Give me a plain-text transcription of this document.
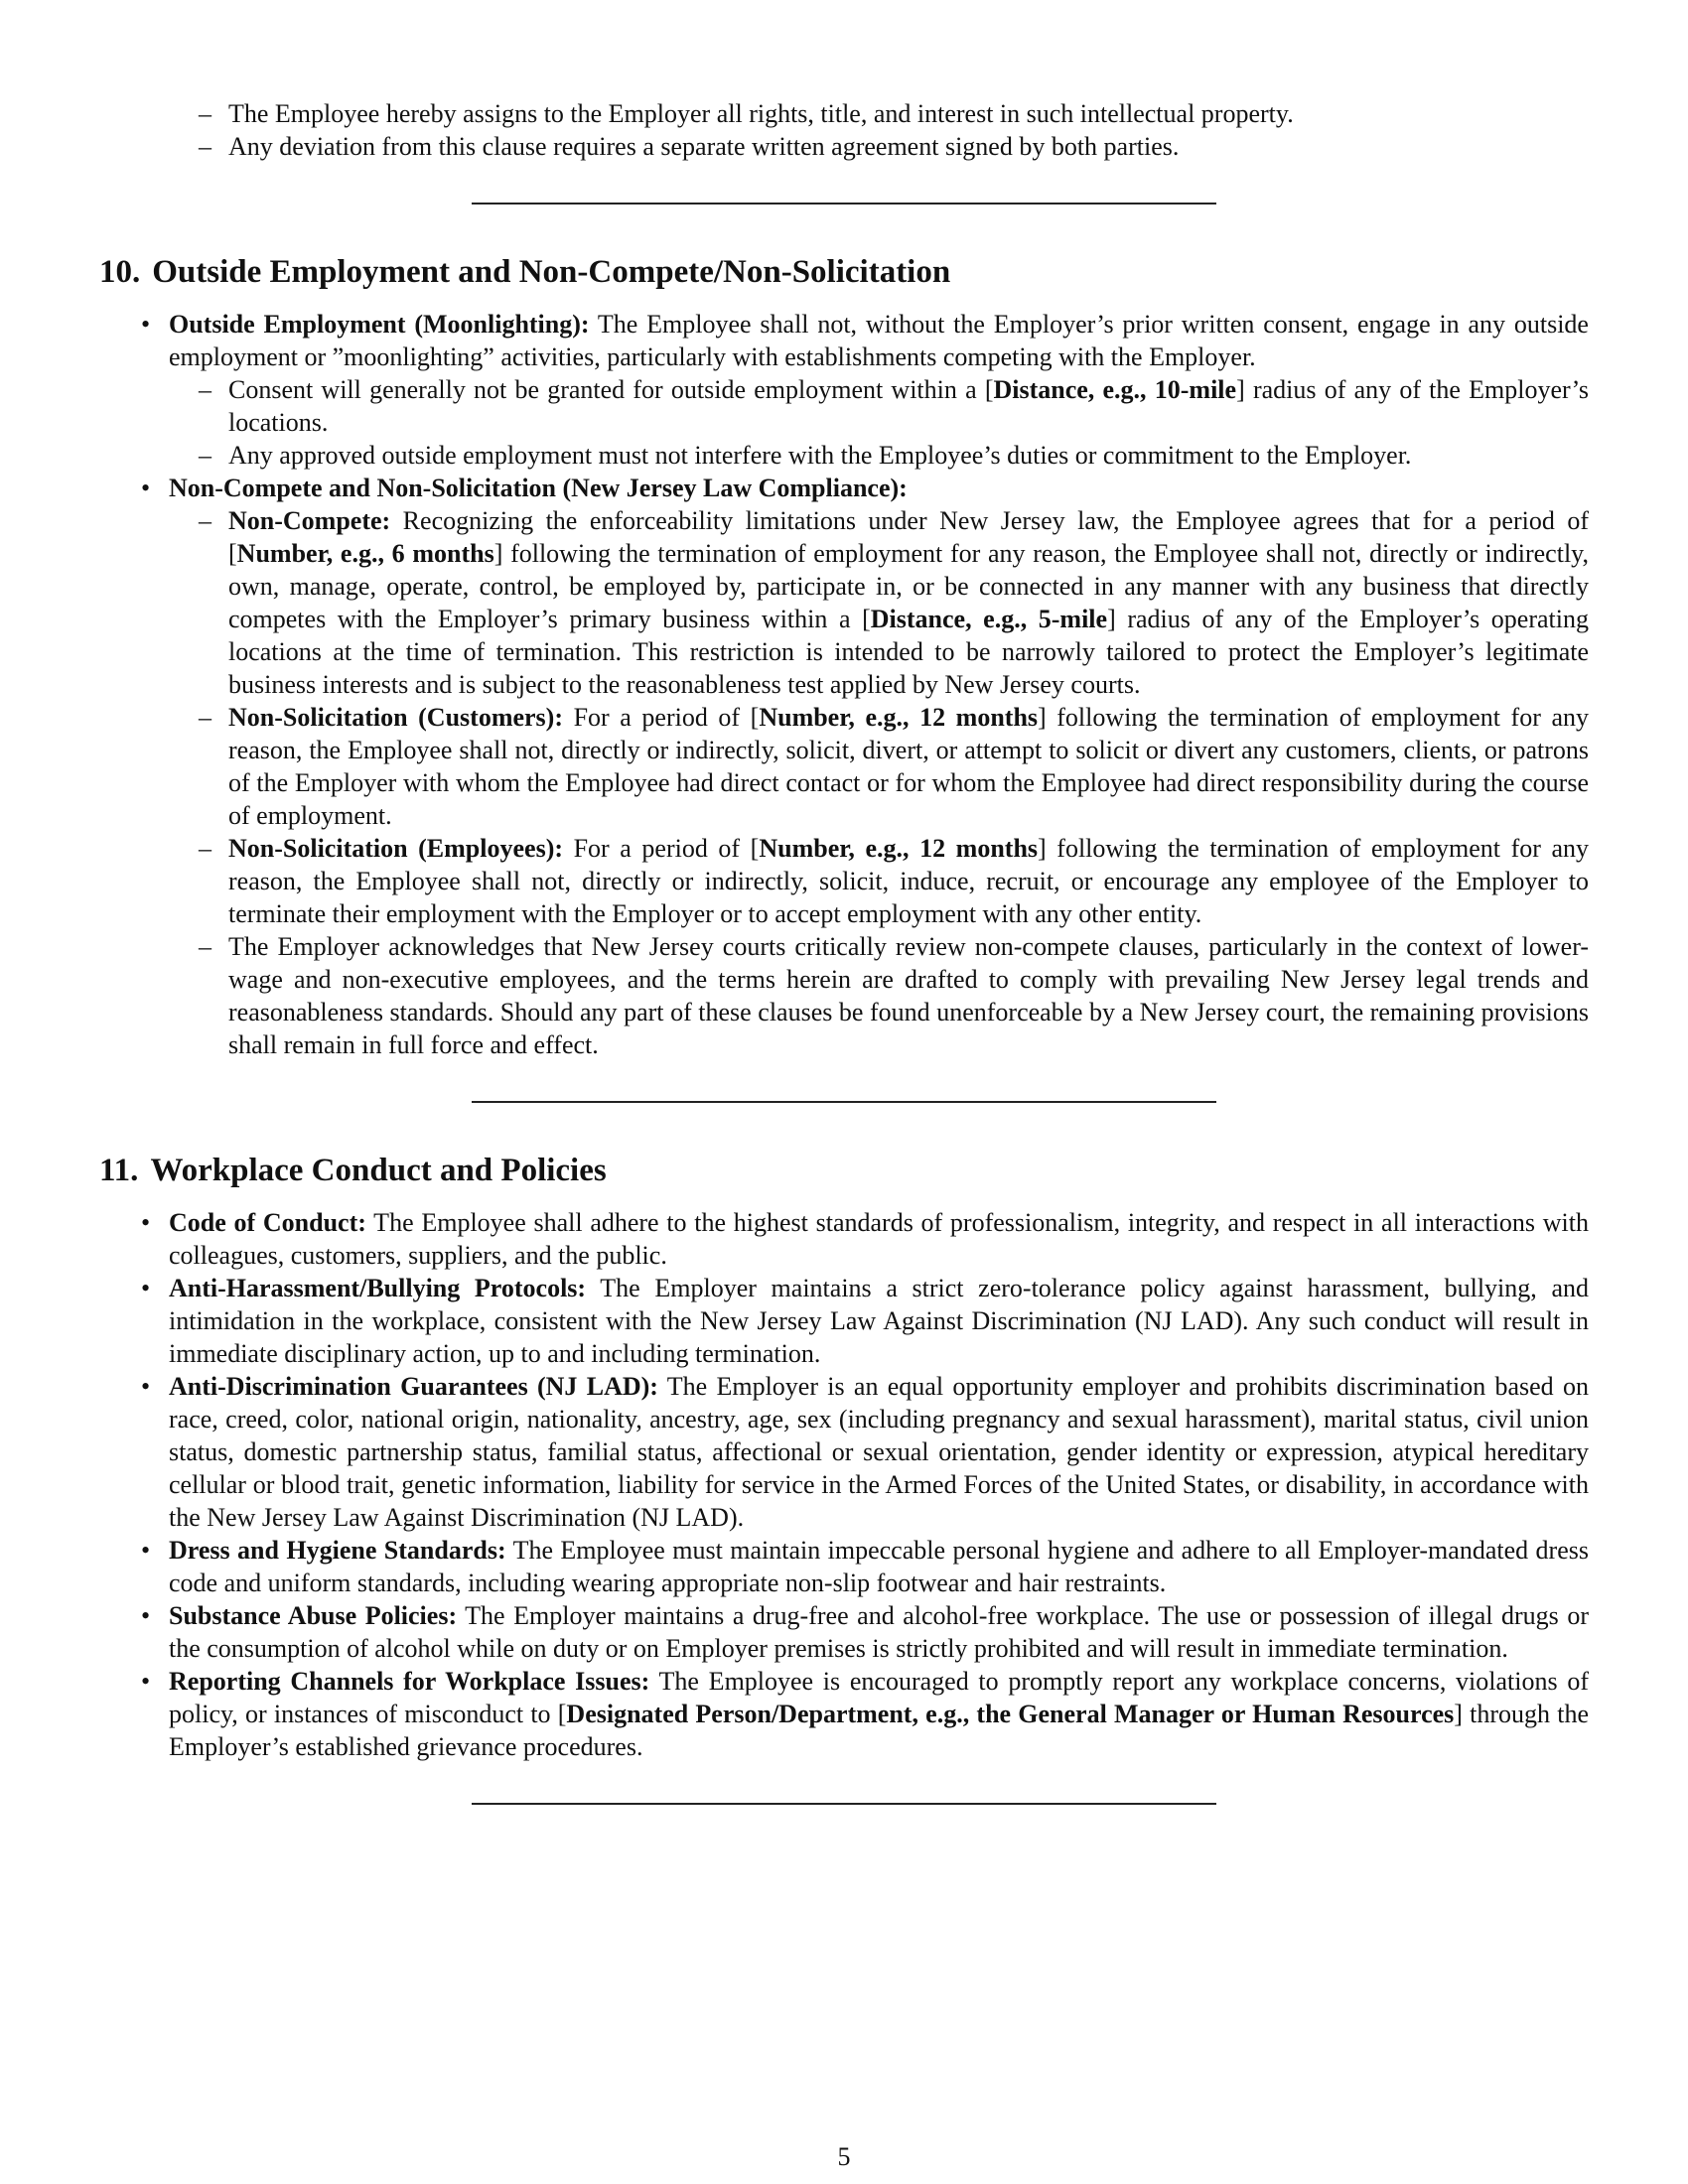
– The Employee hereby assigns to the Employer all rights, title, and interest in such intellectual property.
– Any deviation from this clause requires a separate written agreement signed by both parties.
10. Outside Employment and Non-Compete/Non-Solicitation
• Outside Employment (Moonlighting): The Employee shall not, without the Employer’s prior written consent, engage in any outside employment or ”moonlighting” activities, particularly with establishments competing with the Employer.
– Consent will generally not be granted for outside employment within a [Distance, e.g., 10-mile] radius of any of the Employer’s locations.
– Any approved outside employment must not interfere with the Employee’s duties or commitment to the Employer.
• Non-Compete and Non-Solicitation (New Jersey Law Compliance):
– Non-Compete: Recognizing the enforceability limitations under New Jersey law, the Employee agrees that for a period of [Number, e.g., 6 months] following the termination of employment for any reason, the Employee shall not, directly or indirectly, own, manage, operate, control, be employed by, participate in, or be connected in any manner with any business that directly competes with the Employer’s primary business within a [Distance, e.g., 5-mile] radius of any of the Employer’s operating locations at the time of termination. This restriction is intended to be narrowly tailored to protect the Employer’s legitimate business interests and is subject to the reasonableness test applied by New Jersey courts.
– Non-Solicitation (Customers): For a period of [Number, e.g., 12 months] following the termination of employment for any reason, the Employee shall not, directly or indirectly, solicit, divert, or attempt to solicit or divert any customers, clients, or patrons of the Employer with whom the Employee had direct contact or for whom the Employee had direct responsibility during the course of employment.
– Non-Solicitation (Employees): For a period of [Number, e.g., 12 months] following the termination of employment for any reason, the Employee shall not, directly or indirectly, solicit, induce, recruit, or encourage any employee of the Employer to terminate their employment with the Employer or to accept employment with any other entity.
– The Employer acknowledges that New Jersey courts critically review non-compete clauses, particularly in the context of lower-wage and non-executive employees, and the terms herein are drafted to comply with prevailing New Jersey legal trends and reasonableness standards. Should any part of these clauses be found unenforceable by a New Jersey court, the remaining provisions shall remain in full force and effect.
11. Workplace Conduct and Policies
• Code of Conduct: The Employee shall adhere to the highest standards of professionalism, integrity, and respect in all interactions with colleagues, customers, suppliers, and the public.
• Anti-Harassment/Bullying Protocols: The Employer maintains a strict zero-tolerance policy against harassment, bullying, and intimidation in the workplace, consistent with the New Jersey Law Against Discrimination (NJ LAD). Any such conduct will result in immediate disciplinary action, up to and including termination.
• Anti-Discrimination Guarantees (NJ LAD): The Employer is an equal opportunity employer and prohibits discrimination based on race, creed, color, national origin, nationality, ancestry, age, sex (including pregnancy and sexual harassment), marital status, civil union status, domestic partnership status, familial status, affectional or sexual orientation, gender identity or expression, atypical hereditary cellular or blood trait, genetic information, liability for service in the Armed Forces of the United States, or disability, in accordance with the New Jersey Law Against Discrimination (NJ LAD).
• Dress and Hygiene Standards: The Employee must maintain impeccable personal hygiene and adhere to all Employer-mandated dress code and uniform standards, including wearing appropriate non-slip footwear and hair restraints.
• Substance Abuse Policies: The Employer maintains a drug-free and alcohol-free workplace. The use or possession of illegal drugs or the consumption of alcohol while on duty or on Employer premises is strictly prohibited and will result in immediate termination.
• Reporting Channels for Workplace Issues: The Employee is encouraged to promptly report any workplace concerns, violations of policy, or instances of misconduct to [Designated Person/Department, e.g., the General Manager or Human Resources] through the Employer’s established grievance procedures.
5
